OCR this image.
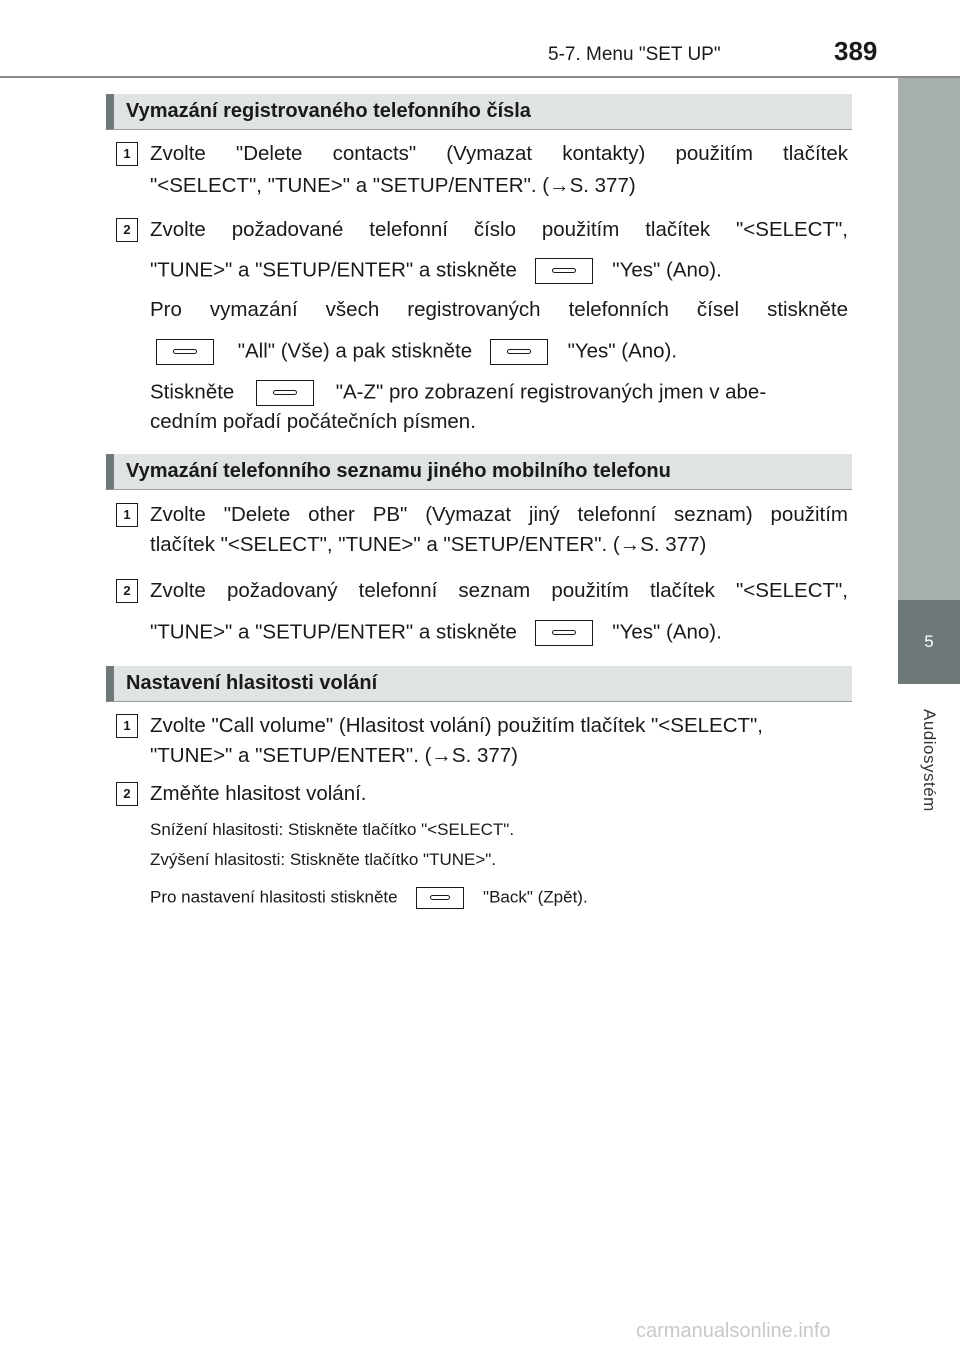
5-7. Menu "SET UP"	389
5
Audiosystém
Vymazání registrovaného telefonního čísla
1 Zvolte "Delete contacts" (Vymazat kontakty) použitím tlačítek
"<SELECT", "TUNE>" a "SETUP/ENTER". (→S. 377)
2 Zvolte požadované telefonní číslo použitím tlačítek "<SELECT",
"TUNE>" a "SETUP/ENTER" a stiskněte	"Yes" (Ano).
Pro vymazání všech registrovaných telefonních čísel stiskněte
"All" (Vše) a pak stiskněte	"Yes" (Ano).
Stiskněte	"A-Z" pro zobrazení registrovaných jmen v abe-
cedním pořadí počátečních písmen.
Vymazání telefonního seznamu jiného mobilního telefonu
1 Zvolte "Delete other PB" (Vymazat jiný telefonní seznam) použitím
tlačítek "<SELECT", "TUNE>" a "SETUP/ENTER". (→S. 377)
2 Zvolte požadovaný telefonní seznam použitím tlačítek "<SELECT",
"TUNE>" a "SETUP/ENTER" a stiskněte	"Yes" (Ano).
Nastavení hlasitosti volání
1 Zvolte "Call volume" (Hlasitost volání) použitím tlačítek "<SELECT",
"TUNE>" a "SETUP/ENTER". (→S. 377)
2 Změňte hlasitost volání.
Snížení hlasitosti: Stiskněte tlačítko "<SELECT".
Zvýšení hlasitosti: Stiskněte tlačítko "TUNE>".
Pro nastavení hlasitosti stiskněte	"Back" (Zpět).
carmanualsonline.info
